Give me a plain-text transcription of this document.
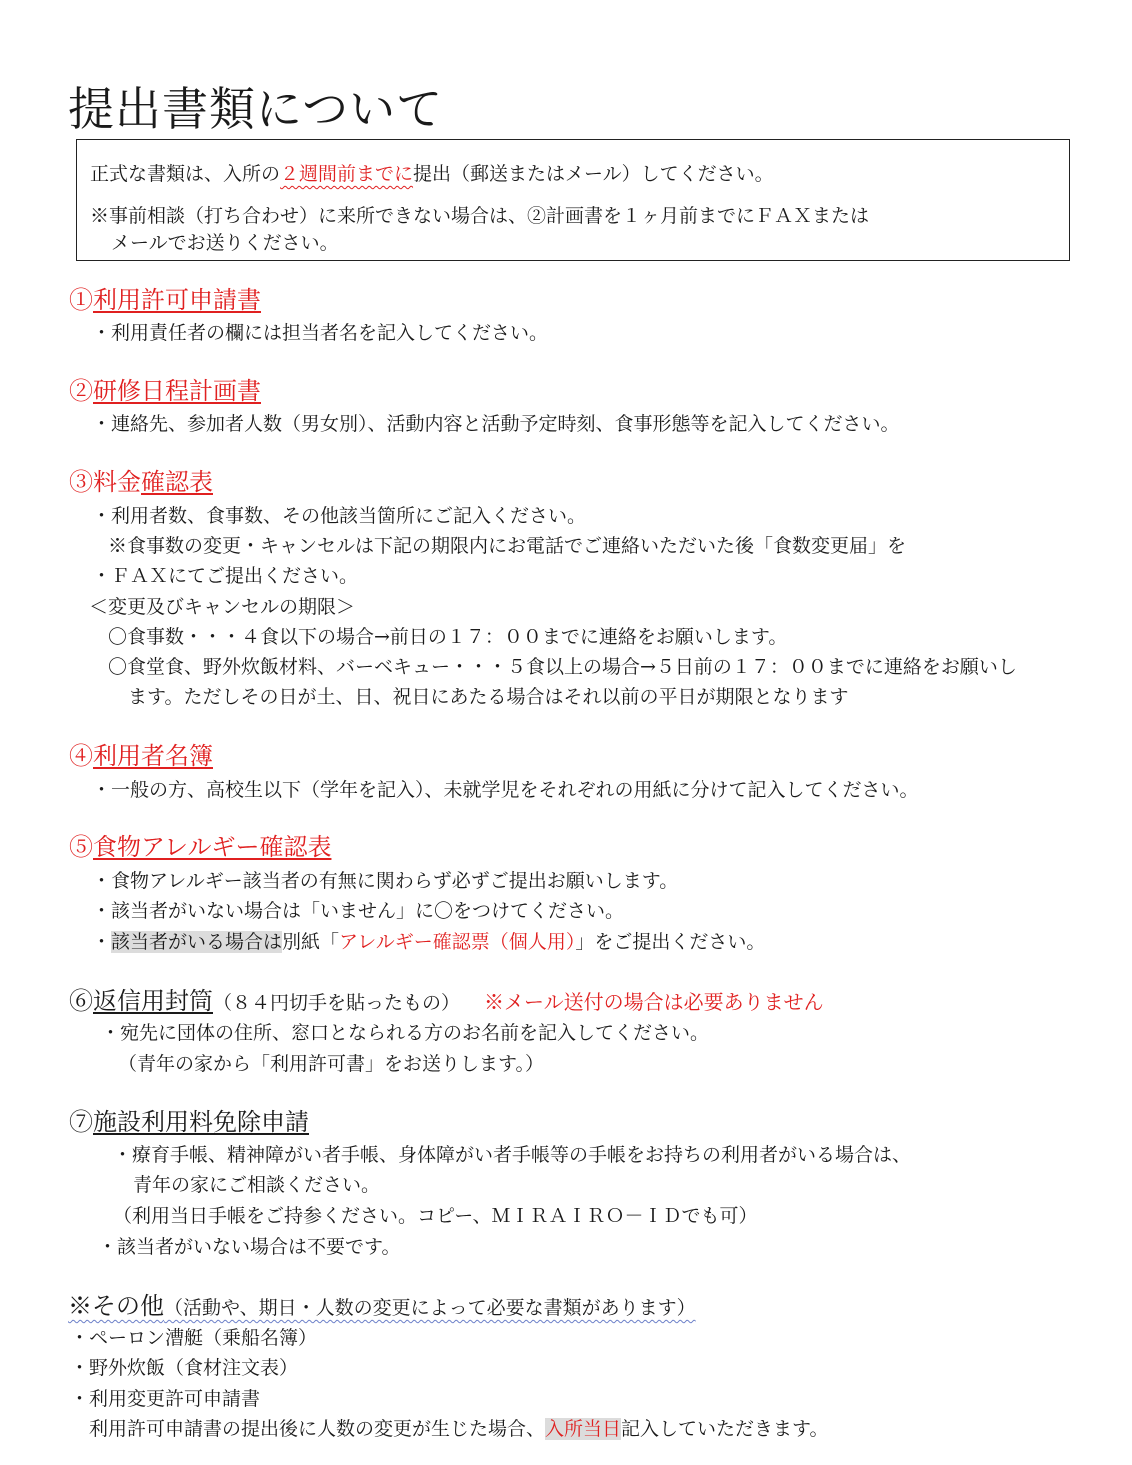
提出書類について
正式な書類は、入所の２週間前までに提出（郵送またはメール）してください。
※事前相談（打ち合わせ）に来所できない場合は、②計画書を１ヶ月前までにＦＡＸまたは
メールでお送りください。
①利用許可申請書
・利用責任者の欄には担当者名を記入してください。
②研修日程計画書
・連絡先、参加者人数（男女別）、活動内容と活動予定時刻、食事形態等を記入してください。
③料金確認表
・利用者数、食事数、その他該当箇所にご記入ください。
※食事数の変更・キャンセルは下記の期限内にお電話でご連絡いただいた後「食数変更届」を
・ＦＡＸにてご提出ください。
＜変更及びキャンセルの期限＞
〇食事数・・・４食以下の場合→前日の１７：００までに連絡をお願いします。
〇食堂食、野外炊飯材料、バーベキュー・・・５食以上の場合→５日前の１７：００までに連絡をお願いし
ます。ただしその日が土、日、祝日にあたる場合はそれ以前の平日が期限となります
④利用者名簿
・一般の方、高校生以下（学年を記入）、未就学児をそれぞれの用紙に分けて記入してください。
⑤食物アレルギー確認表
・食物アレルギー該当者の有無に関わらず必ずご提出お願いします。
・該当者がいない場合は「いません」に〇をつけてください。
・該当者がいる場合は別紙「アレルギー確認票（個人用）」をご提出ください。
⑥返信用封筒（８４円切手を貼ったもの） ※メール送付の場合は必要ありません
・宛先に団体の住所、窓口となられる方のお名前を記入してください。
（青年の家から「利用許可書」をお送りします。）
⑦施設利用料免除申請
・療育手帳、精神障がい者手帳、身体障がい者手帳等の手帳をお持ちの利用者がいる場合は、
青年の家にご相談ください。
（利用当日手帳をご持参ください。コピー、ＭＩＲＡＩＲＯ－ＩＤでも可）
・該当者がいない場合は不要です。
※その他（活動や、期日・人数の変更によって必要な書類があります）
・ペーロン漕艇（乗船名簿）
・野外炊飯（食材注文表）
・利用変更許可申請書
利用許可申請書の提出後に人数の変更が生じた場合、入所当日記入していただきます。
